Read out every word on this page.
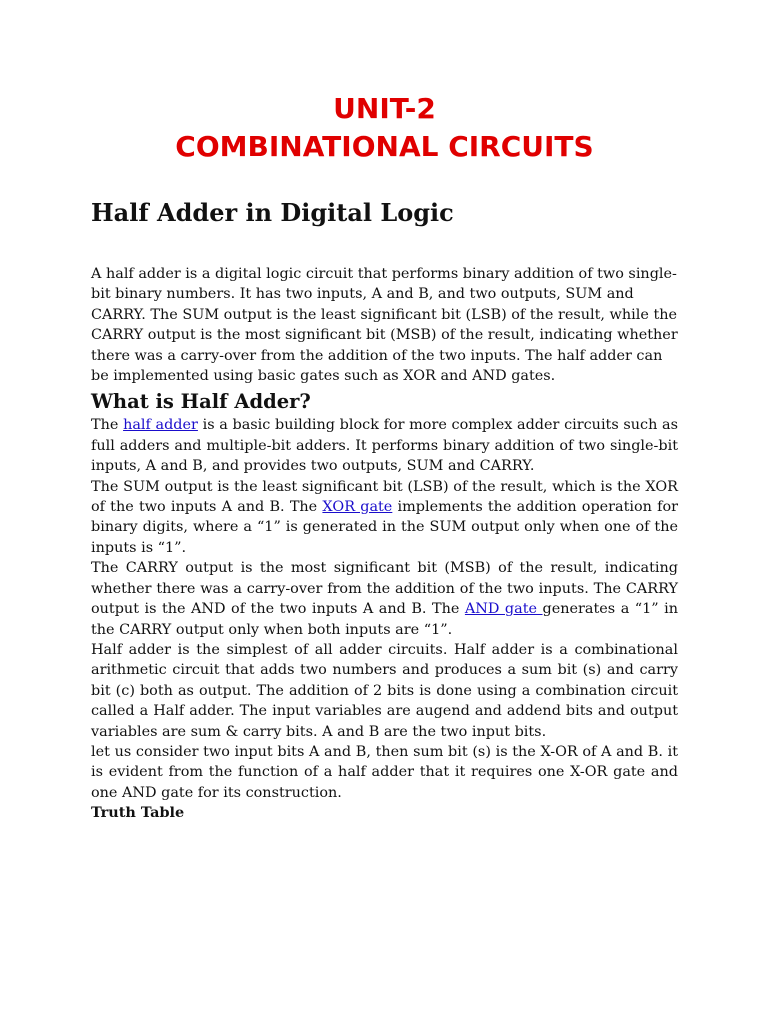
UNIT-2
COMBINATIONAL CIRCUITS
Half Adder in Digital Logic

A half adder is a digital logic circuit that performs binary addition of two single-bit binary numbers. It has two inputs, A and B, and two outputs, SUM and CARRY. The SUM output is the least significant bit (LSB) of the result, while the CARRY output is the most significant bit (MSB) of the result, indicating whether there was a carry-over from the addition of the two inputs. The half adder can be implemented using basic gates such as XOR and AND gates.

What is Half Adder?

The half adder is a basic building block for more complex adder circuits such as full adders and multiple-bit adders. It performs binary addition of two single-bit inputs, A and B, and provides two outputs, SUM and CARRY.

The SUM output is the least significant bit (LSB) of the result, which is the XOR of the two inputs A and B. The XOR gate implements the addition operation for binary digits, where a “1” is generated in the SUM output only when one of the inputs is “1”.

The CARRY output is the most significant bit (MSB) of the result, indicating whether there was a carry-over from the addition of the two inputs. The CARRY output is the AND of the two inputs A and B. The AND gate generates a “1” in the CARRY output only when both inputs are “1”.

Half adder is the simplest of all adder circuits. Half adder is a combinational arithmetic circuit that adds two numbers and produces a sum bit (s) and carry bit (c) both as output. The addition of 2 bits is done using a combination circuit called a Half adder. The input variables are augend and addend bits and output variables are sum & carry bits. A and B are the two input bits.

let us consider two input bits A and B, then sum bit (s) is the X-OR of A and B. it is evident from the function of a half adder that it requires one X-OR gate and one AND gate for its construction.

Truth Table
